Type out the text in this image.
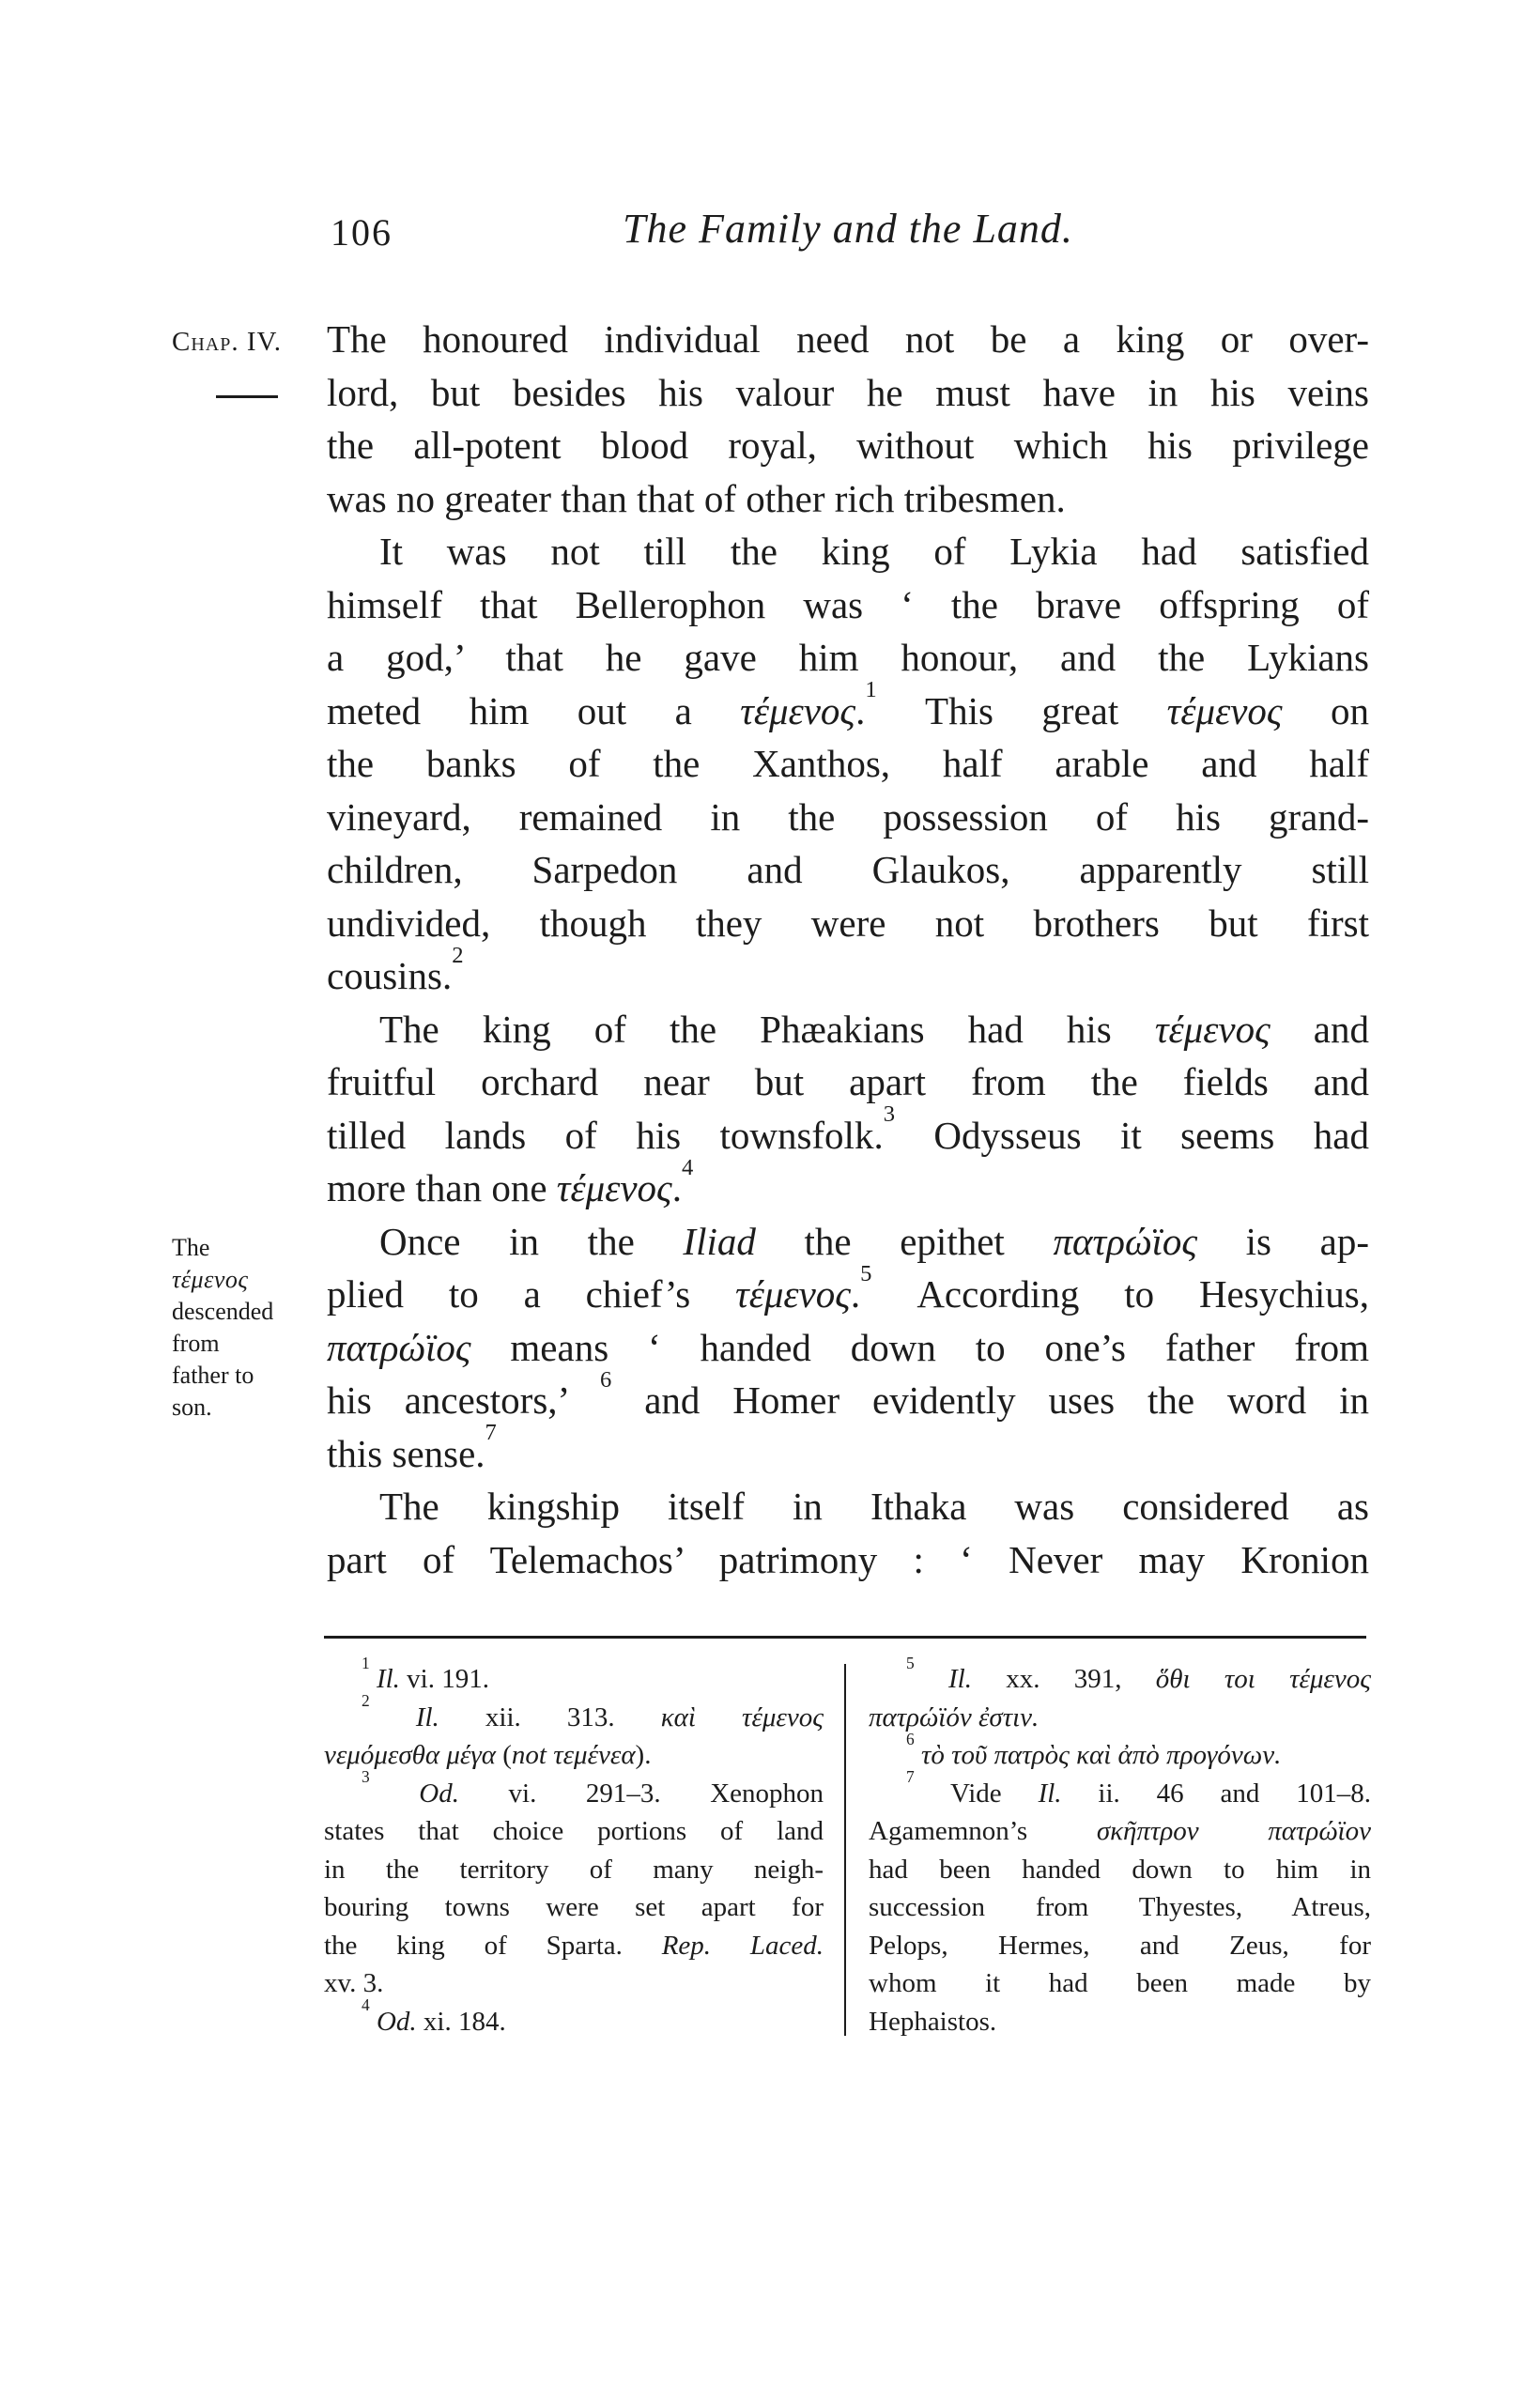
106	The Family and the Land.
Chap. IV.
The
τέμενος
descended
from
father to
son.
The honoured individual need not be a king or over-
lord, but besides his valour he must have in his veins
the all-potent blood royal, without which his privilege
was no greater than that of other rich tribesmen.
It was not till the king of Lykia had satisfied
himself that Bellerophon was ‘ the brave offspring of
a god,’ that he gave him honour, and the Lykians
meted him out a τέμενος.$^1$ This great τέμενος on
the banks of the Xanthos, half arable and half
vineyard, remained in the possession of his grand-
children, Sarpedon and Glaukos, apparently still
undivided, though they were not brothers but first
cousins.$^2$
The king of the Phæakians had his τέμενος and
fruitful orchard near but apart from the fields and
tilled lands of his townsfolk.$^3$ Odysseus it seems had
more than one τέμενος.$^4$
Once in the Iliad the epithet πατρώϊος is ap-
plied to a chief’s τέμενος.$^5$ According to Hesychius,
πατρώϊος means ‘ handed down to one’s father from
his ancestors,’ $^6$ and Homer evidently uses the word in
this sense.$^7$
The kingship itself in Ithaka was considered as
part of Telemachos’ patrimony : ‘ Never may Kronion
$^1$ Il. vi. 191.
$^2$ Il. xii. 313. καὶ τέμενος
νεμόμεσθα μέγα (not τεμένεα).
$^3$ Od. vi. 291–3. Xenophon
states that choice portions of land
in the territory of many neigh-
bouring towns were set apart for
the king of Sparta. Rep. Laced.
xv. 3.
$^4$ Od. xi. 184.
$^5$ Il. xx. 391, ὅθι τοι τέμενος
πατρώϊόν ἐστιν.
$^6$ τὸ τοῦ πατρὸς καὶ ἀπὸ προγόνων.
$^7$ Vide Il. ii. 46 and 101–8.
Agamemnon’s σκῆπτρον πατρώϊον
had been handed down to him in
succession from Thyestes, Atreus,
Pelops, Hermes, and Zeus, for
whom it had been made by
Hephaistos.
